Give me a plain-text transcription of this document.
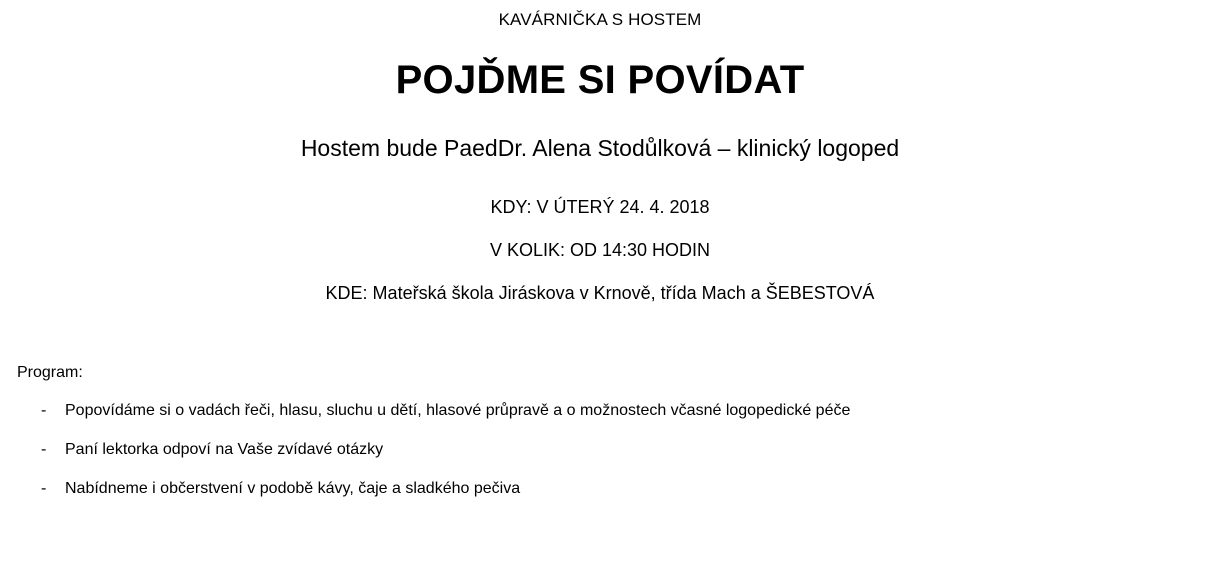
KAVÁRNIČKA S HOSTEM
POJĎME SI POVÍDAT
Hostem bude PaedDr. Alena Stodůlková – klinický logoped
KDY: V ÚTERÝ 24. 4. 2018
V KOLIK: OD 14:30 HODIN
KDE: Mateřská škola Jiráskova v Krnově, třída Mach a ŠEBESTOVÁ
Program:
- Popovídáme si o vadách řeči, hlasu, sluchu u dětí, hlasové průpravě a o možnostech včasné logopedické péče
- Paní lektorka odpoví na Vaše zvídavé otázky
- Nabídneme i občerstvení v podobě kávy, čaje a sladkého pečiva
